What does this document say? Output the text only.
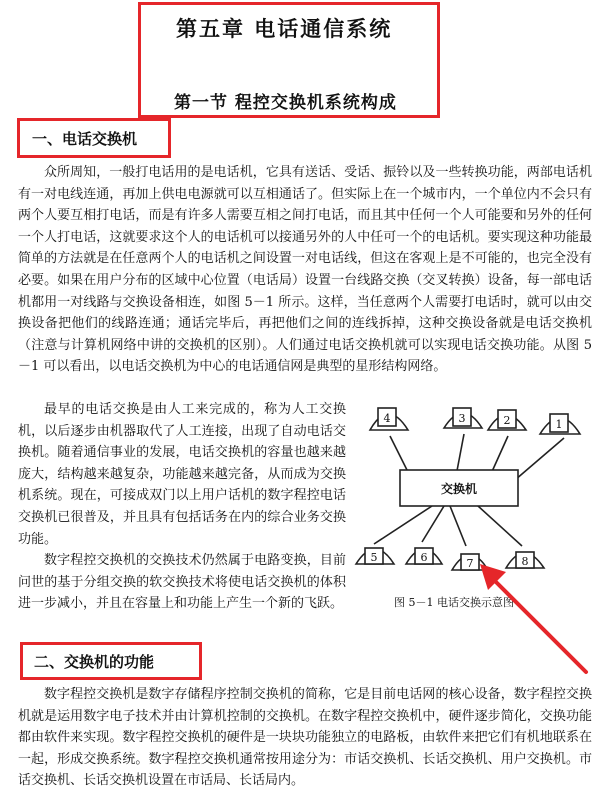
第五章 电话通信系统
第一节 程控交换机系统构成
一、电话交换机

众所周知，一般打电话用的是电话机，它具有送话、受话、振铃以及一些转换功能，两部电话机有一对电线连通，再加上供电电源就可以互相通话了。但实际上在一个城市内，一个单位内不会只有两个人要互相打电话，而是有许多人需要互相之间打电话，而且其中任何一个人可能要和另外的任何一个人打电话，这就要求这个人的电话机可以接通另外的人中任可一个的电话机。要实现这种功能最简单的方法就是在任意两个人的电话机之间设置一对电话线，但这在客观上是不可能的，也完全没有必要。如果在用户分布的区域中心位置（电话局）设置一台线路交换（交叉转换）设备，每一部电话机都用一对线路与交换设备相连，如图 5－1 所示。这样，当任意两个人需要打电话时，就可以由交换设备把他们的线路连通；通话完毕后，再把他们之间的连线拆掉，这种交换设备就是电话交换机（注意与计算机网络中讲的交换机的区别）。人们通过电话交换机就可以实现电话交换功能。从图 5－1 可以看出，以电话交换机为中心的电话通信网是典型的星形结构网络。

最早的电话交换是由人工来完成的，称为人工交换机，以后逐步由机器取代了人工连接，出现了自动电话交换机。随着通信事业的发展，电话交换机的容量也越来越庞大，结构越来越复杂，功能越来越完备，从而成为交换机系统。现在，可接成双门以上用户话机的数字程控电话交换机已很普及，并且具有包括话务在内的综合业务交换功能。

数字程控交换机的交换技术仍然属于电路变换，目前问世的基于分组交换的软交换技术将使电话交换机的体积进一步减小，并且在容量上和功能上产生一个新的飞跃。

交换机
4	3	2	1
5	6	7	8
图 5－1 电话交换示意图
二、交换机的功能

数字程控交换机是数字存储程序控制交换机的简称，它是目前电话网的核心设备，数字程控交换机就是运用数字电子技术并由计算机控制的交换机。在数字程控交换机中，硬件逐步简化，交换功能都由软件来实现。数字程控交换机的硬件是一块块功能独立的电路板，由软件来把它们有机地联系在一起，形成交换系统。数字程控交换机通常按用途分为：市话交换机、长话交换机、用户交换机。市话交换机、长话交换机设置在市话局、长话局内。
